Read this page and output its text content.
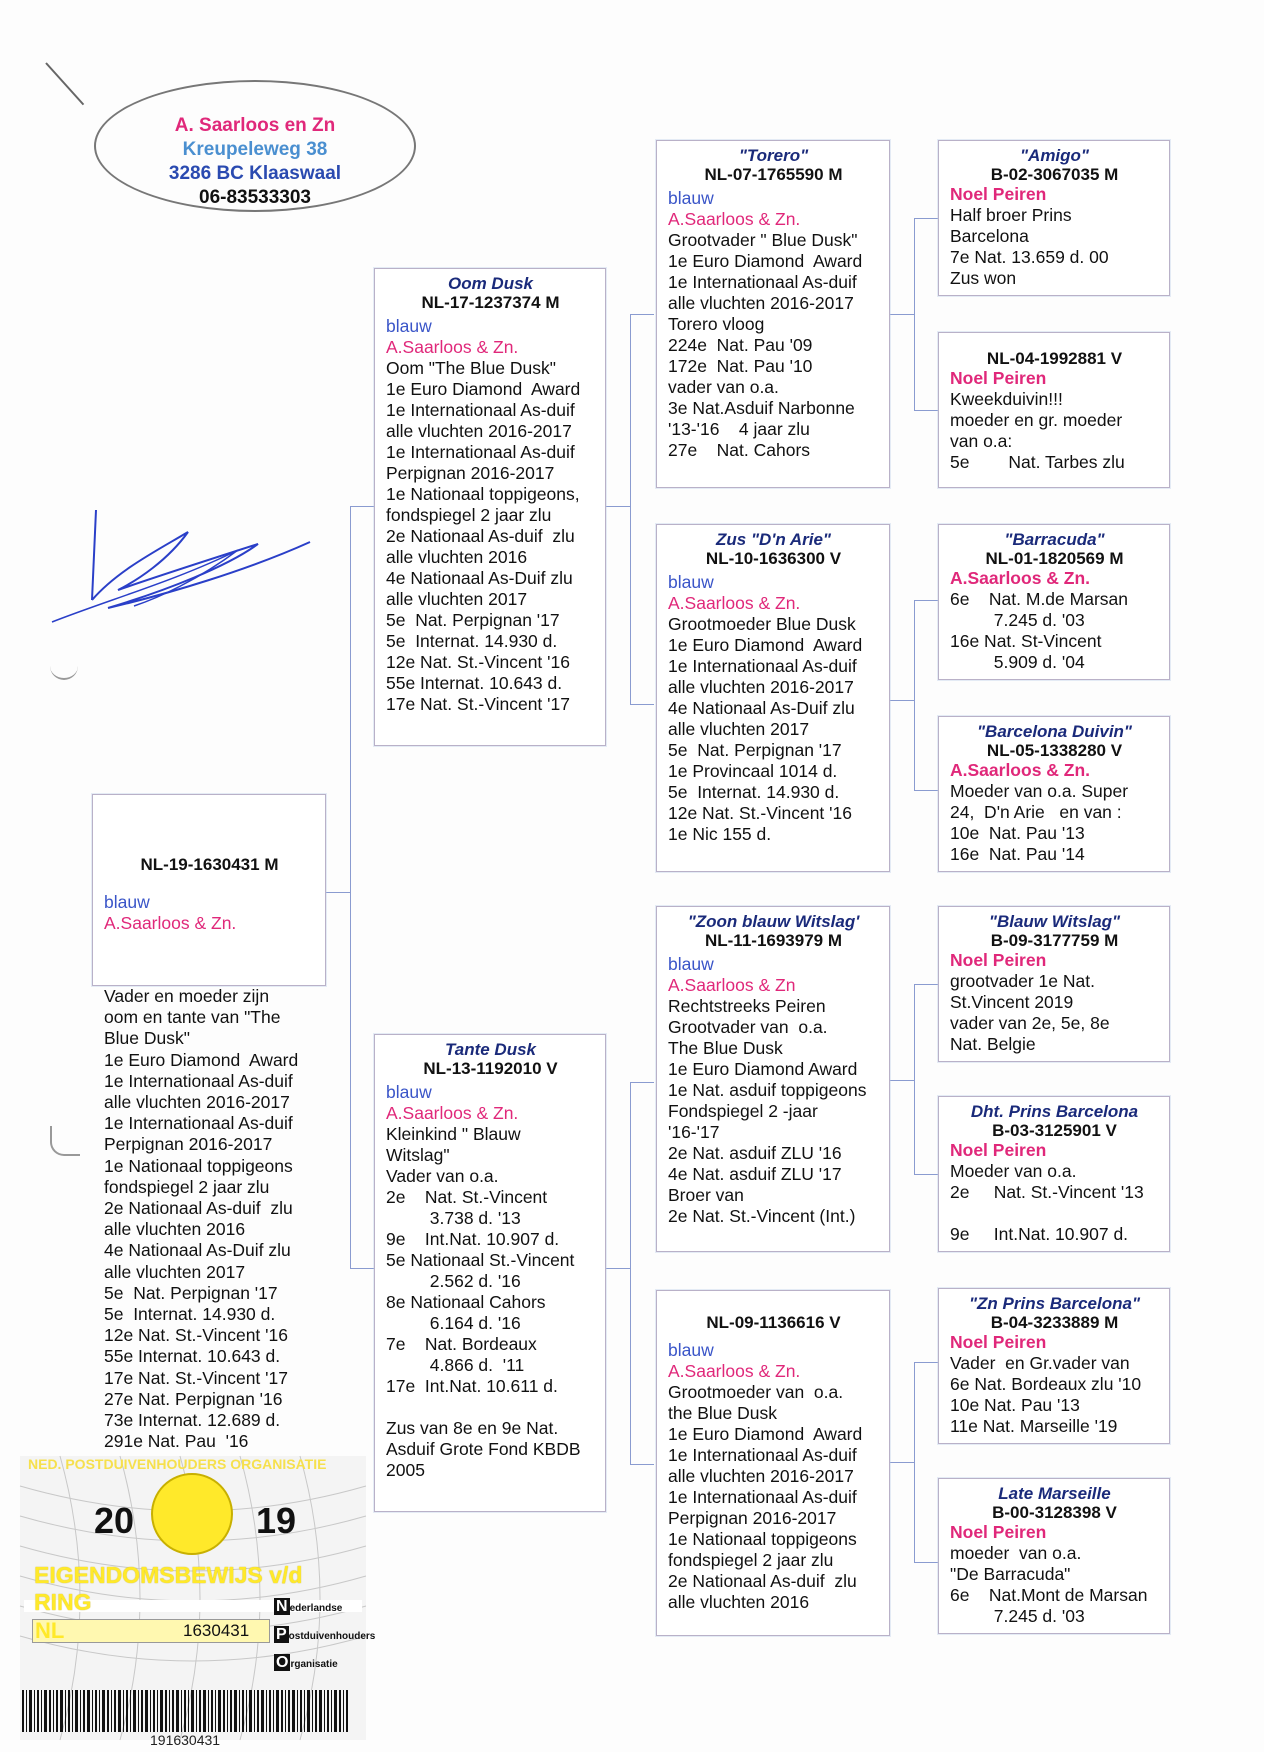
A. Saarloos en Zn
Kreupeleweg 38
3286 BC Klaaswaal
06-83533303
NL-19-1630431 M
blauw
A.Saarloos & Zn.
Vader en moeder zijn
oom en tante van "The
Blue Dusk"
1e Euro Diamond  Award
1e Internationaal As-duif
alle vluchten 2016-2017
1e Internationaal As-duif
Perpignan 2016-2017
1e Nationaal toppigeons
fondspiegel 2 jaar zlu
2e Nationaal As-duif  zlu
alle vluchten 2016
4e Nationaal As-Duif zlu
alle vluchten 2017
5e  Nat. Perpignan '17
5e  Internat. 14.930 d.
12e Nat. St.-Vincent '16
55e Internat. 10.643 d.
17e Nat. St.-Vincent '17
27e Nat. Perpignan '16
73e Internat. 12.689 d.
291e Nat. Pau  '16
Oom Dusk
NL-17-1237374 M
blauw
A.Saarloos & Zn.
Oom "The Blue Dusk"
1e Euro Diamond  Award
1e Internationaal As-duif
alle vluchten 2016-2017
1e Internationaal As-duif
Perpignan 2016-2017
1e Nationaal toppigeons,
fondspiegel 2 jaar zlu
2e Nationaal As-duif  zlu
alle vluchten 2016
4e Nationaal As-Duif zlu
alle vluchten 2017
5e  Nat. Perpignan '17
5e  Internat. 14.930 d.
12e Nat. St.-Vincent '16
55e Internat. 10.643 d.
17e Nat. St.-Vincent '17
Tante Dusk
NL-13-1192010 V
blauw
A.Saarloos & Zn.
Kleinkind " Blauw
Witslag"
Vader van o.a.
2e    Nat. St.-Vincent
3.738 d. '13
9e    Int.Nat. 10.907 d.
5e Nationaal St.-Vincent
2.562 d. '16
8e Nationaal Cahors
6.164 d. '16
7e    Nat. Bordeaux
4.866 d.  '11
17e  Int.Nat. 10.611 d.

Zus van 8e en 9e Nat.
Asduif Grote Fond KBDB
2005
"Torero"
NL-07-1765590 M
blauw
A.Saarloos & Zn.
Grootvader " Blue Dusk"
1e Euro Diamond  Award
1e Internationaal As-duif
alle vluchten 2016-2017
Torero vloog
224e  Nat. Pau '09
172e  Nat. Pau '10
vader van o.a.
3e Nat.Asduif Narbonne
'13-'16    4 jaar zlu
27e    Nat. Cahors
Zus "D'n Arie"
NL-10-1636300 V
blauw
A.Saarloos & Zn.
Grootmoeder Blue Dusk
1e Euro Diamond  Award
1e Internationaal As-duif
alle vluchten 2016-2017
4e Nationaal As-Duif zlu
alle vluchten 2017
5e  Nat. Perpignan '17
1e Provincaal 1014 d.
5e  Internat. 14.930 d.
12e Nat. St.-Vincent '16
1e Nic 155 d.
"Zoon blauw Witslag'
NL-11-1693979 M
blauw
A.Saarloos & Zn
Rechtstreeks Peiren
Grootvader van  o.a.
The Blue Dusk
1e Euro Diamond Award
1e Nat. asduif toppigeons
Fondspiegel 2 -jaar
'16-'17
2e Nat. asduif ZLU '16
4e Nat. asduif ZLU '17
Broer van
2e Nat. St.-Vincent (Int.)
NL-09-1136616 V
blauw
A.Saarloos & Zn.
Grootmoeder van  o.a.
the Blue Dusk
1e Euro Diamond  Award
1e Internationaal As-duif
alle vluchten 2016-2017
1e Internationaal As-duif
Perpignan 2016-2017
1e Nationaal toppigeons
fondspiegel 2 jaar zlu
2e Nationaal As-duif  zlu
alle vluchten 2016
"Amigo"
B-02-3067035 M
Noel Peiren
Half broer Prins
Barcelona
7e Nat. 13.659 d. 00
Zus won
NL-04-1992881 V
Noel Peiren
Kweekduivin!!!
moeder en gr. moeder
van o.a:
5e        Nat. Tarbes zlu
"Barracuda"
NL-01-1820569 M
A.Saarloos & Zn.
6e    Nat. M.de Marsan
7.245 d. '03
16e Nat. St-Vincent
5.909 d. '04
"Barcelona Duivin"
NL-05-1338280 V
A.Saarloos & Zn.
Moeder van o.a. Super
24,  D'n Arie   en van :
10e  Nat. Pau '13
16e  Nat. Pau '14
"Blauw Witslag"
B-09-3177759 M
Noel Peiren
grootvader 1e Nat.
St.Vincent 2019
vader van 2e, 5e, 8e
Nat. Belgie
Dht. Prins Barcelona
B-03-3125901 V
Noel Peiren
Moeder van o.a.
2e     Nat. St.-Vincent '13

9e     Int.Nat. 10.907 d.
"Zn Prins Barcelona"
B-04-3233889 M
Noel Peiren
Vader  en Gr.vader van
6e Nat. Bordeaux zlu '10
10e Nat. Pau '13
11e Nat. Marseille '19
Late Marseille
B-00-3128398 V
Noel Peiren
moeder  van o.a.
"De Barracuda"
6e    Nat.Mont de Marsan
7.245 d. '03
NED. POSTDUIVENHOUDERS ORGANISATIE
20	19
EIGENDOMSBEWIJS v/d RING
NL	1630431
N ederlandse
P ostduivenhouders
O rganisatie
191630431
